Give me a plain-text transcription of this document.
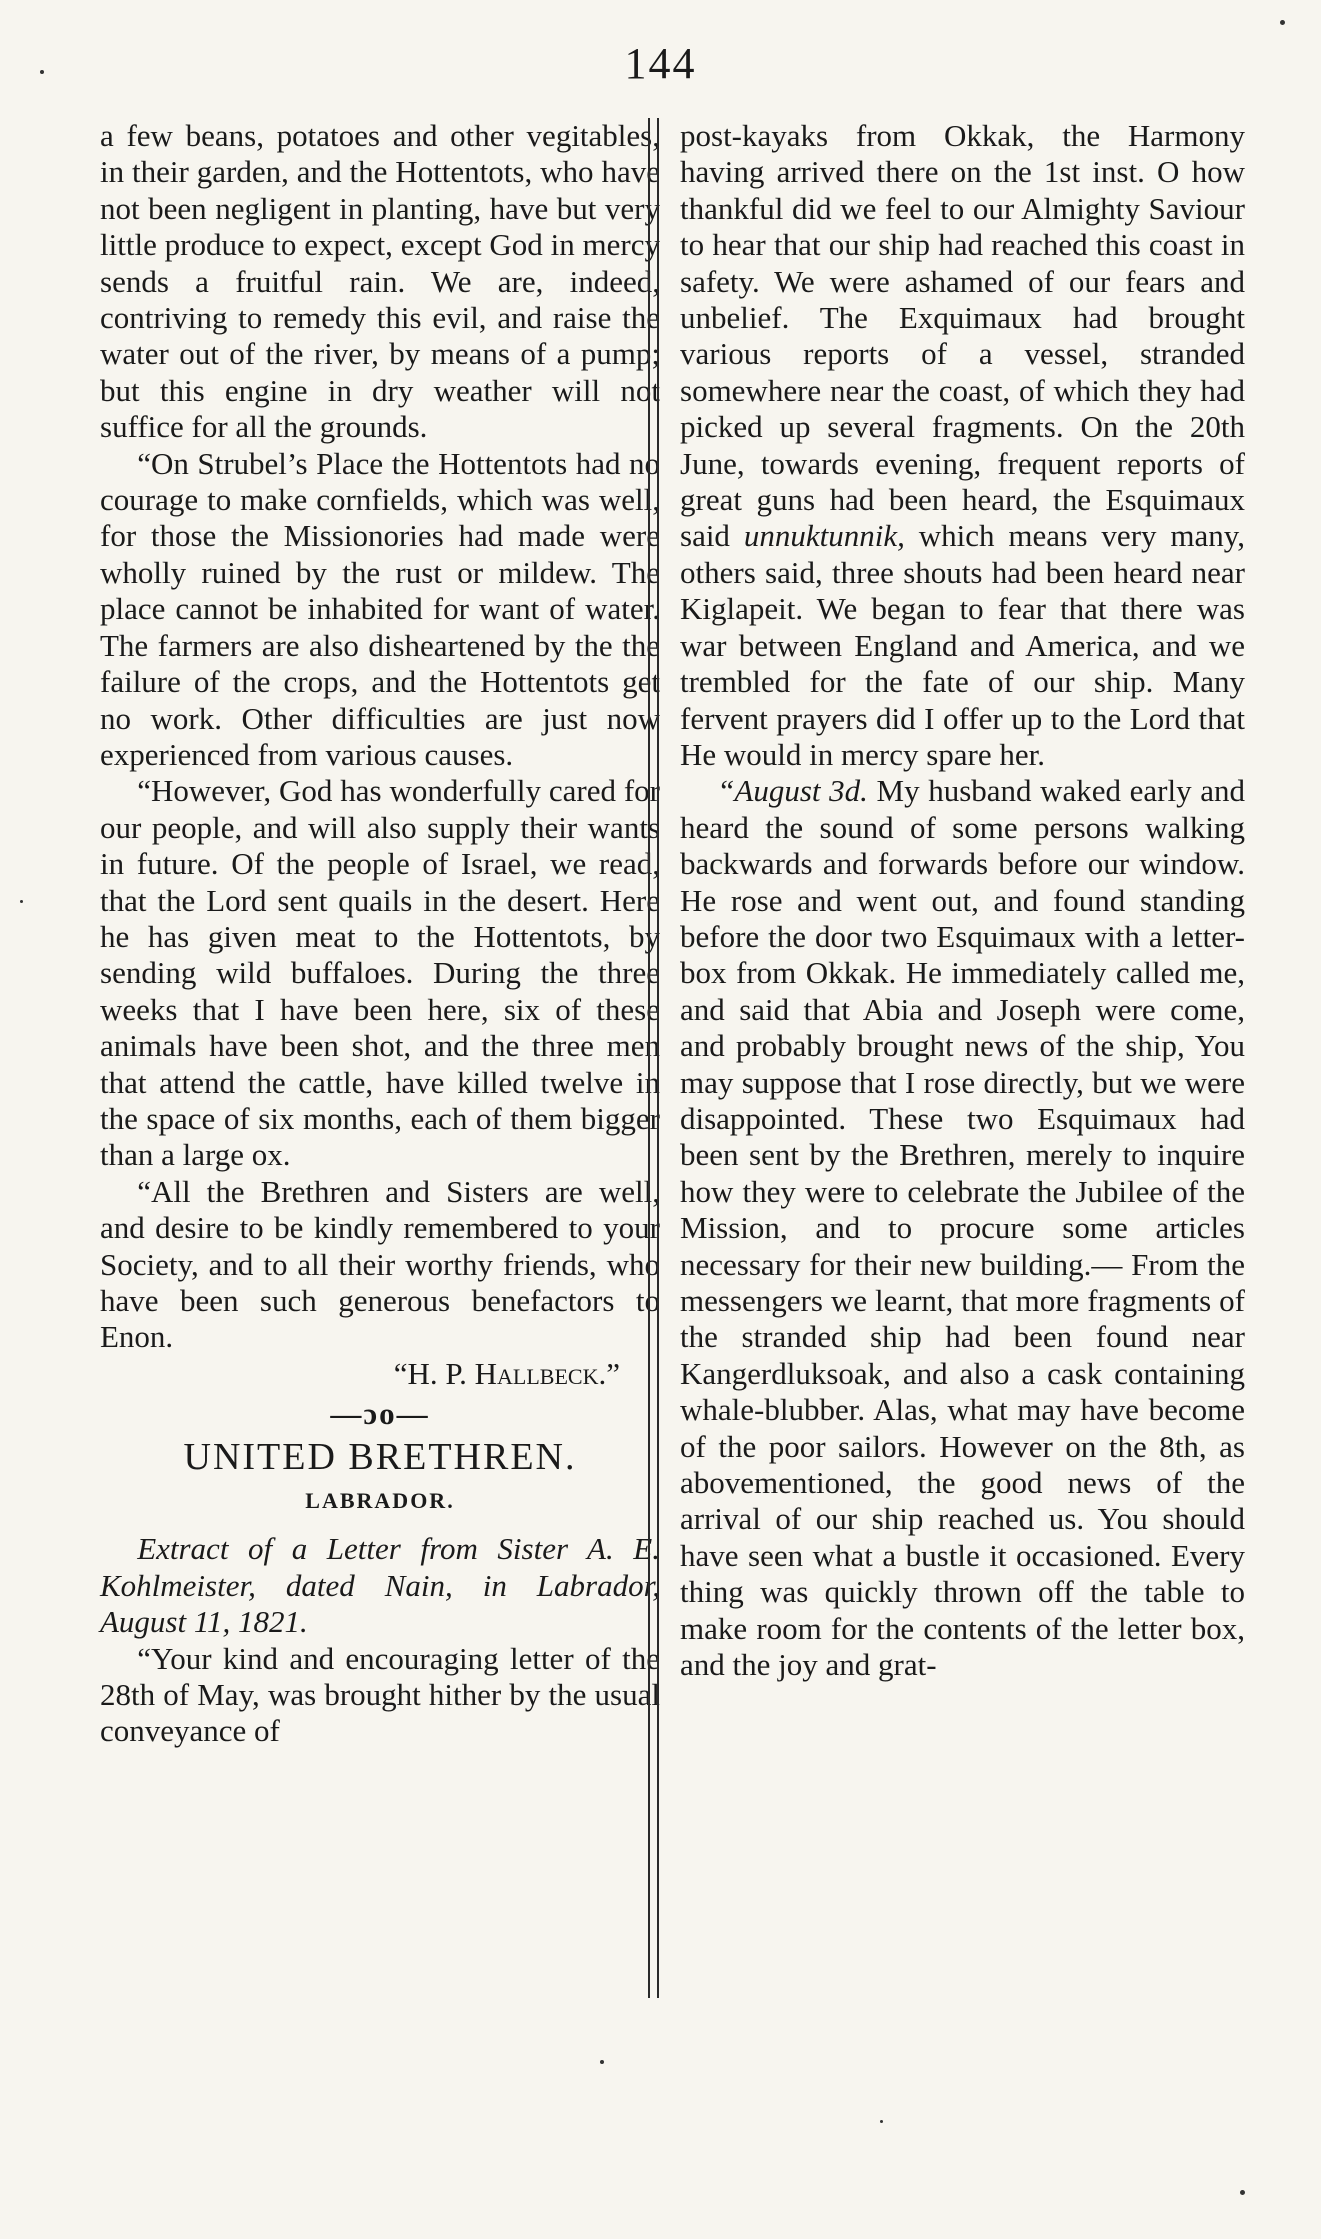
144

a few beans, potatoes and other vegitables, in their garden, and the Hottentots, who have not been negligent in planting, have but very little produce to expect, except God in mercy sends a fruitful rain. We are, indeed, contriving to remedy this evil, and raise the water out of the river, by means of a pump; but this engine in dry weather will not suffice for all the grounds.

“On Strubel’s Place the Hottentots had no courage to make cornfields, which was well, for those the Missionories had made were wholly ruined by the rust or mildew. The place cannot be inhabited for want of water. The farmers are also disheartened by the the failure of the crops, and the Hottentots get no work. Other difficulties are just now experienced from various causes.

“However, God has wonderfully cared for our people, and will also supply their wants in future. Of the people of Israel, we read, that the Lord sent quails in the desert. Here he has given meat to the Hottentots, by sending wild buffaloes. During the three weeks that I have been here, six of these animals have been shot, and the three men that attend the cattle, have killed twelve in the space of six months, each of them bigger than a large ox.

“All the Brethren and Sisters are well, and desire to be kindly remembered to your Society, and to all their worthy friends, who have been such generous benefactors to Enon.

“H. P. Hallbeck.”

—ɔo—
UNITED BRETHREN.
LABRADOR.

Extract of a Letter from Sister A. E. Kohlmeister, dated Nain, in Labrador, August 11, 1821.

“Your kind and encouraging letter of the 28th of May, was brought hither by the usual conveyance of

post-kayaks from Okkak, the Harmony having arrived there on the 1st inst. O how thankful did we feel to our Almighty Saviour to hear that our ship had reached this coast in safety. We were ashamed of our fears and unbelief. The Exquimaux had brought various reports of a vessel, stranded somewhere near the coast, of which they had picked up several fragments. On the 20th June, towards evening, frequent reports of great guns had been heard, the Esquimaux said unnuktunnik, which means very many, others said, three shouts had been heard near Kiglapeit. We began to fear that there was war between England and America, and we trembled for the fate of our ship. Many fervent prayers did I offer up to the Lord that He would in mercy spare her.

“August 3d. My husband waked early and heard the sound of some persons walking backwards and forwards before our window. He rose and went out, and found standing before the door two Esquimaux with a letter-box from Okkak. He immediately called me, and said that Abia and Joseph were come, and probably brought news of the ship, You may suppose that I rose directly, but we were disappointed. These two Esquimaux had been sent by the Brethren, merely to inquire how they were to celebrate the Jubilee of the Mission, and to procure some articles necessary for their new building.— From the messengers we learnt, that more fragments of the stranded ship had been found near Kangerdluksoak, and also a cask containing whale-blubber. Alas, what may have become of the poor sailors. However on the 8th, as abovementioned, the good news of the arrival of our ship reached us. You should have seen what a bustle it occasioned. Every thing was quickly thrown off the table to make room for the contents of the letter box, and the joy and grat-
